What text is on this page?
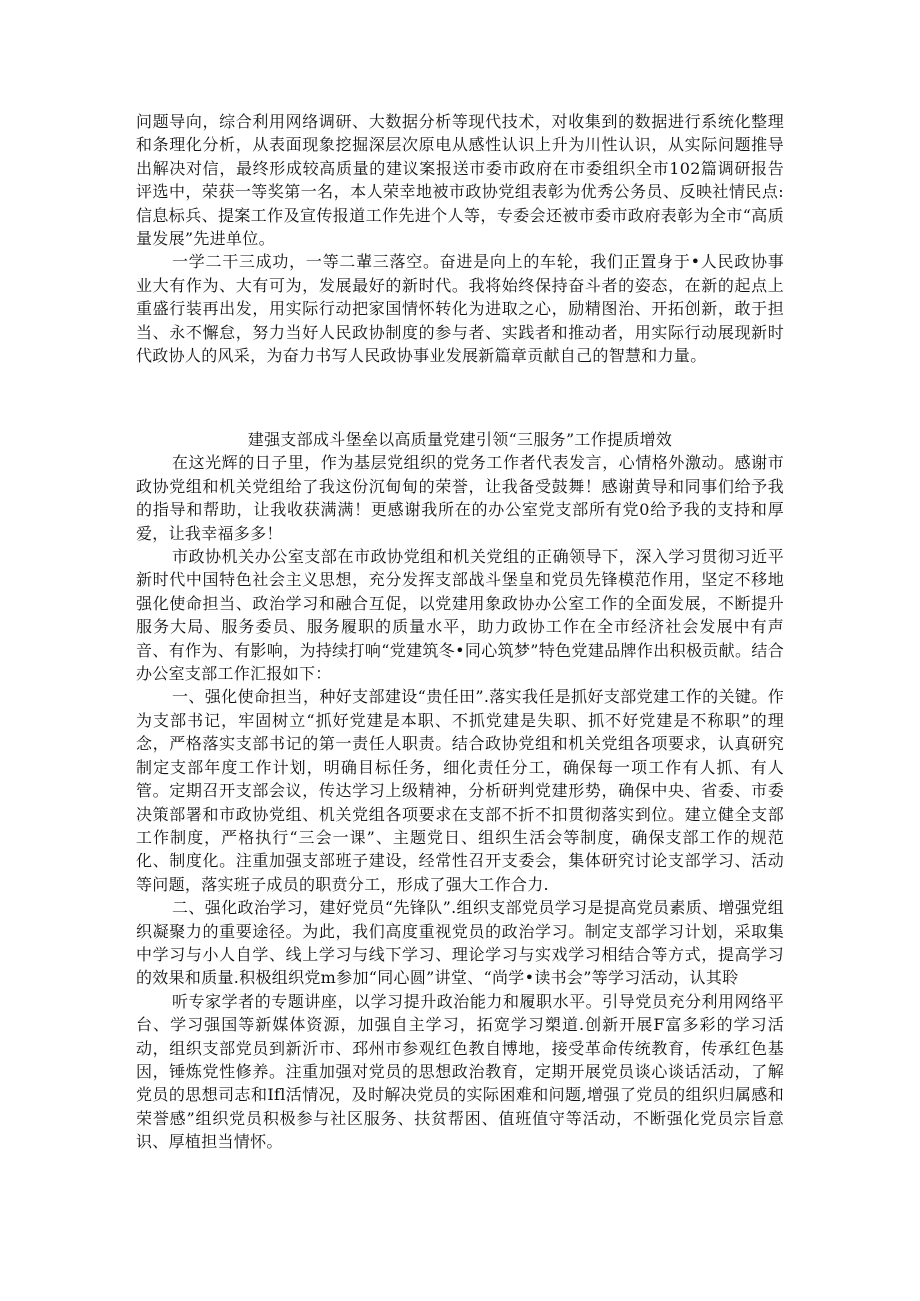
问题导向，综合利用网络调研、大数据分析等现代技术，对收集到的数据进行系统化整理和条理化分析，从表面现象挖掘深层次原电从感性认识上升为川性认识，从实际问题推导出解决对信，最终形成较高质量的建议案报送市委市政府在市委组织全市102篇调研报告评选中，荣获一等奖第一名，本人荣幸地被市政协党组表彰为优秀公务员、反映社情民点:信息标兵、提案工作及宣传报道工作先进个人等，专委会还被市委市政府表彰为全市“高质量发展”先进单位。

一学二干三成功，一等二輩三落空。奋进是向上的车轮，我们正置身于•人民政协事业大有作为、大有可为，发展最好的新时代。我将始终保持奋斗者的姿态，在新的起点上重盛行装再出发，用实际行动把家国情怀转化为进取之心，励精图治、开拓创新，敢于担当、永不懈怠，努力当好人民政协制度的参与者、实践者和推动者，用实际行动展现新时代政协人的风采，为奋力书写人民政协事业发展新篇章贡献自己的智慧和力量。

建强支部成斗堡垒以高质量党建引领“三服务”工作提质增效

在这光辉的日子里，作为基层党组织的党务工作者代表发言，心情格外激动。感谢市政协党组和机关党组给了我这份沉甸甸的荣誉，让我备受鼓舞！感谢黄导和同事们给予我的指导和帮助，让我收获满满！更感谢我所在的办公室党支部所有党0给予我的支持和厚爱，让我幸福多多！

市政协机关办公室支部在市政协党组和机关党组的正确领导下，深入学习贯彻习近平新时代中国特色社会主义思想，充分发挥支部战斗堡皇和党员先锋模范作用，坚定不移地强化使命担当、政治学习和融合互促，以党建用象政协办公室工作的全面发展，不断提升服务大局、服务委员、服务履职的质量水平，助力政协工作在全市经济社会发展中有声音、有作为、有影响，为持续打响“党建筑冬•同心筑梦”特色党建品牌作出积极贡献。结合办公室支部工作汇报如下：

一、强化使命担当，种好支部建设“贵任田”.落实我任是抓好支部党建工作的关键。作为支部书记，牢固树立“抓好党建是本职、不抓党建是失职、抓不好党建是不称职”的理念，严格落实支部书记的第一责任人职责。结合政协党组和机关党组各项要求，认真研究制定支部年度工作计划，明确目标任务，细化责任分工，确保每一项工作有人抓、有人管。定期召开支部会议，传达学习上级精神，分析研判党建形势，确保中央、省委、市委决策部署和市政协党组、机关党组各项要求在支部不折不扣贯彻落实到位。建立健全支部工作制度，严格执行“三会一课”、主题党日、组织生活会等制度，确保支部工作的规范化、制度化。注重加强支部班子建设，经常性召开支委会，集体研究讨论支部学习、活动等问题，落实班子成员的职贲分工，形成了强大工作合力.

二、强化政治学习，建好党员“先锋队”.组织支部党员学习是提高党员素质、增强党组织凝聚力的重要途径。为此，我们高度重视党员的政治学习。制定支部学习计划，采取集中学习与小人自学、线上学习与线下学习、理论学习与实戏学习相结合等方式，提高学习的效果和质量.积极组织党m参加“同心圆”讲堂、“尚学•读书会”等学习活动，认其聆

听专家学者的专题讲座，以学习提升政治能力和履职水平。引导党员充分利用网络平台、学习强国等新媒体资源，加强自主学习，拓宽学习槊道.创新开展F富多彩的学习活动，组织支部党员到新沂市、邳州市参观红色教自博地，接受革命传统教育，传承红色基因，锤炼党性修养。注重加强对党员的思想政治教育，定期开展党员谈心谈话活动，了解党员的思想司志和Ifl活情况，及时解决党员的实际困难和问题,增强了党员的组织归属感和荣誉感”组织党员积极参与社区服务、扶贫帮困、值班值守等活动，不断强化党员宗旨意识、厚植担当情怀。
